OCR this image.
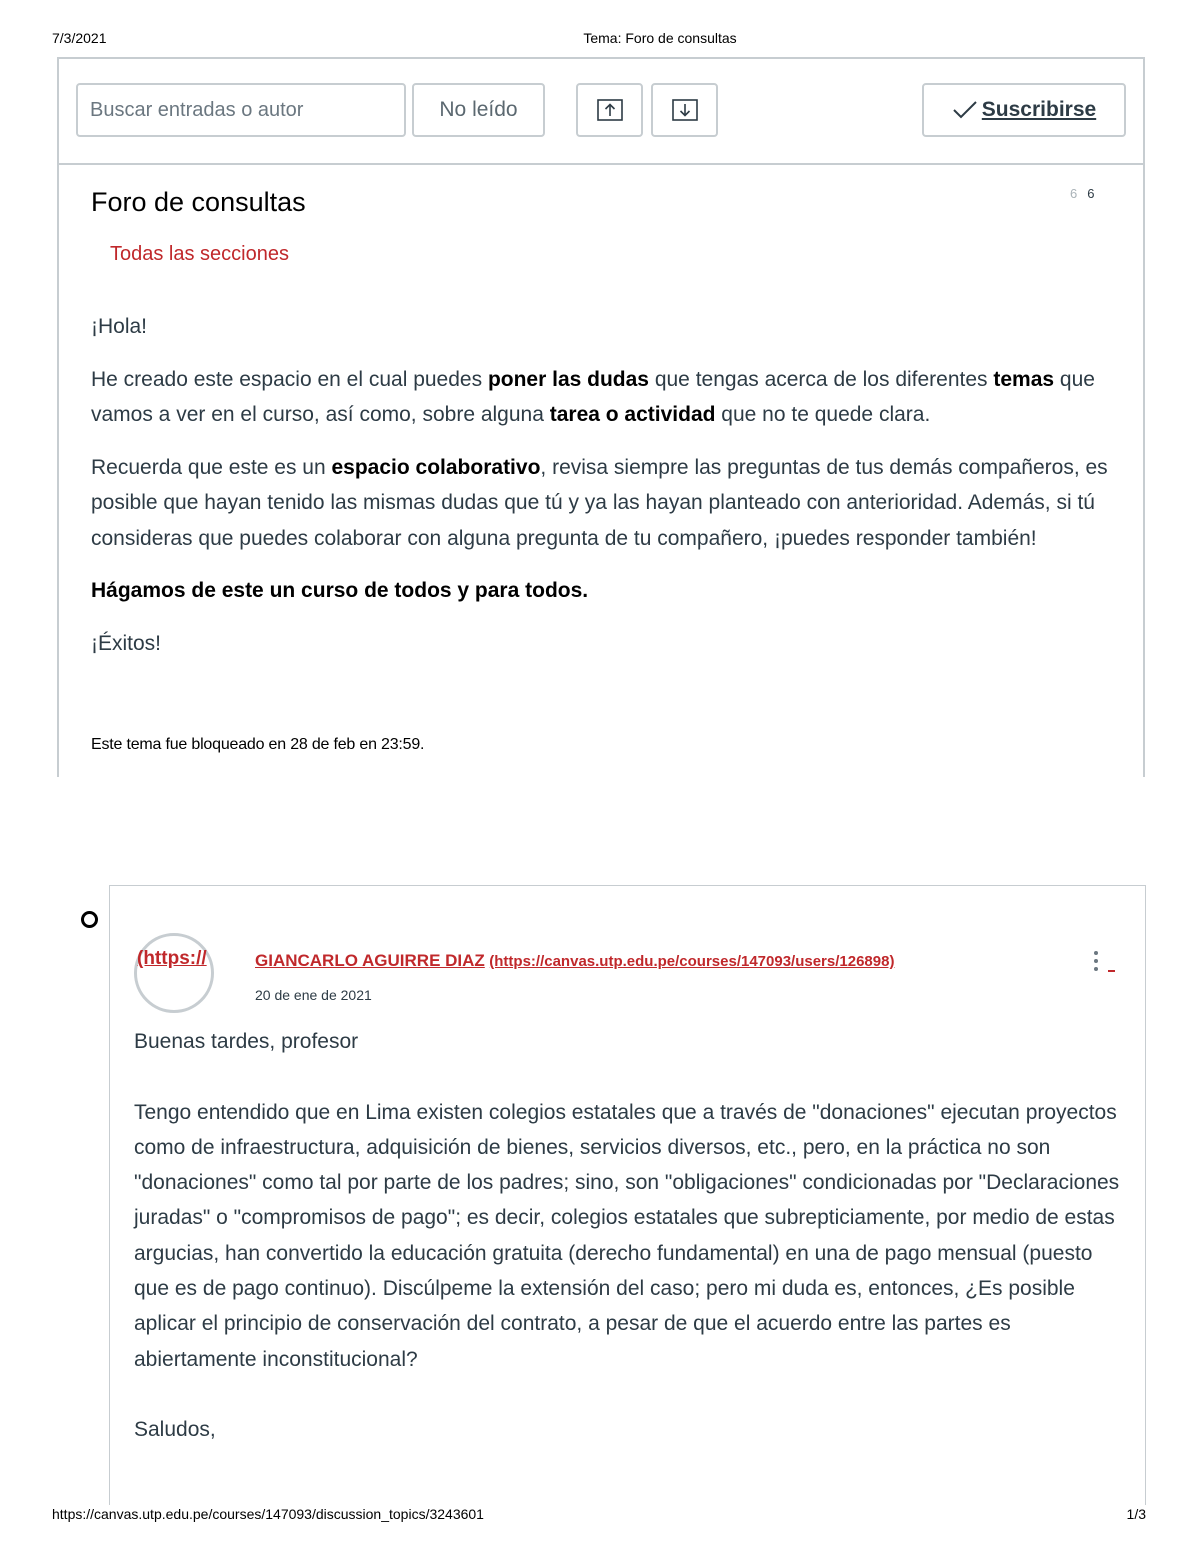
7/3/2021	Tema: Foro de consultas
Buscar entradas o autor
No leído	Suscribirse
Foro de consultas	6 6
Todas las secciones

¡Hola!

He creado este espacio en el cual puedes poner las dudas que tengas acerca de los diferentes temas que vamos a ver en el curso, así como, sobre alguna tarea o actividad que no te quede clara.

Recuerda que este es un espacio colaborativo, revisa siempre las preguntas de tus demás compañeros, es posible que hayan tenido las mismas dudas que tú y ya las hayan planteado con anterioridad. Además, si tú consideras que puedes colaborar con alguna pregunta de tu compañero, ¡puedes responder también!

Hágamos de este un curso de todos y para todos.

¡Éxitos!

Este tema fue bloqueado en 28 de feb en 23:59.
(https://	GIANCARLO AGUIRRE DIAZ (https://canvas.utp.edu.pe/courses/147093/users/126898)
20 de ene de 2021

Buenas tardes, profesor

Tengo entendido que en Lima existen colegios estatales que a través de "donaciones" ejecutan proyectos como de infraestructura, adquisición de bienes, servicios diversos, etc., pero, en la práctica no son "donaciones" como tal por parte de los padres; sino, son "obligaciones" condicionadas por "Declaraciones juradas" o "compromisos de pago"; es decir, colegios estatales que subrepticiamente, por medio de estas argucias, han convertido la educación gratuita (derecho fundamental) en una de pago mensual (puesto que es de pago continuo). Discúlpeme la extensión del caso; pero mi duda es, entonces, ¿Es posible aplicar el principio de conservación del contrato, a pesar de que el acuerdo entre las partes es abiertamente inconstitucional?

Saludos,

https://canvas.utp.edu.pe/courses/147093/discussion_topics/3243601	1/3
